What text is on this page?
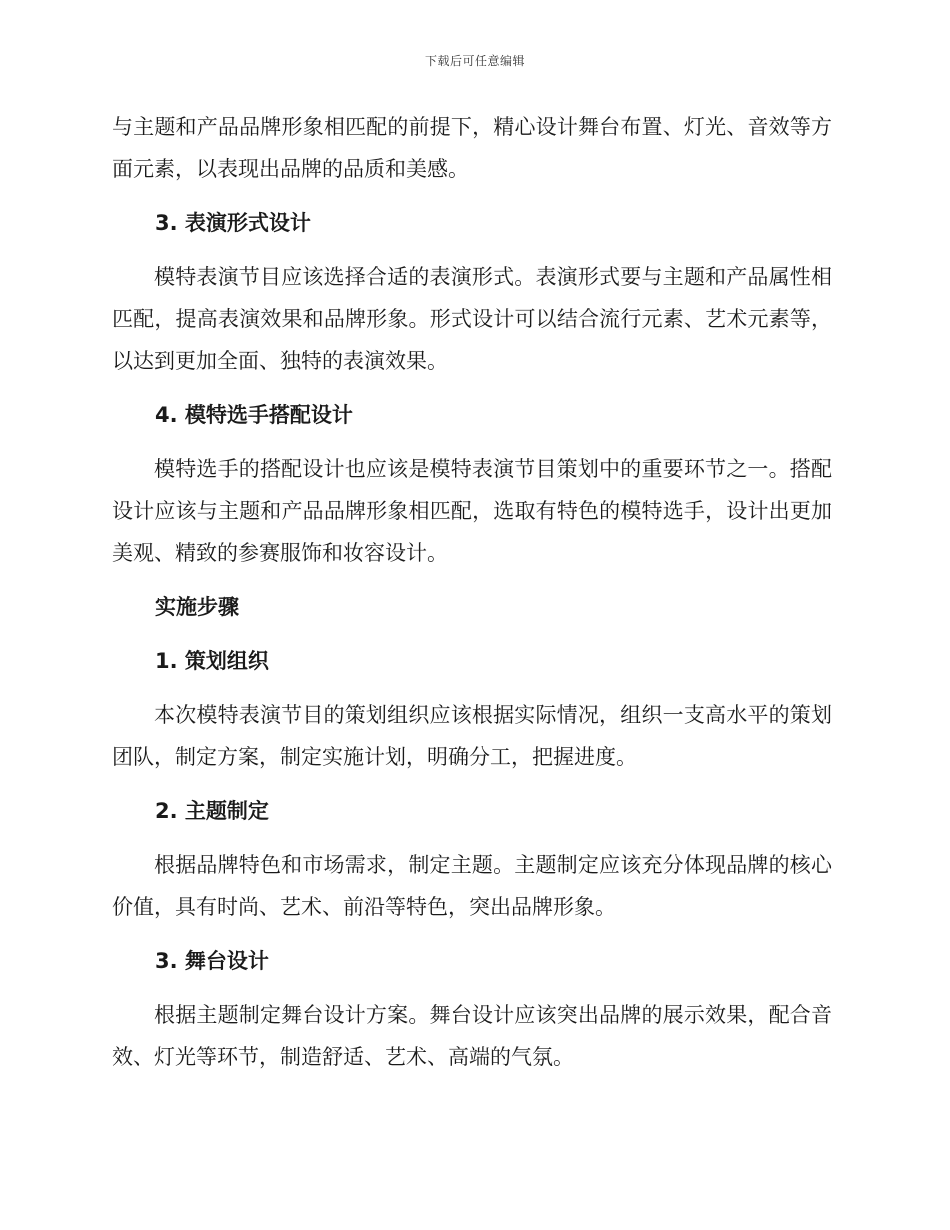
下载后可任意编辑

与主题和产品品牌形象相匹配的前提下，精心设计舞台布置、灯光、音效等方面元素，以表现出品牌的品质和美感。

3. 表演形式设计

模特表演节目应该选择合适的表演形式。表演形式要与主题和产品属性相匹配，提高表演效果和品牌形象。形式设计可以结合流行元素、艺术元素等，以达到更加全面、独特的表演效果。

4. 模特选手搭配设计

模特选手的搭配设计也应该是模特表演节目策划中的重要环节之一。搭配设计应该与主题和产品品牌形象相匹配，选取有特色的模特选手，设计出更加美观、精致的参赛服饰和妆容设计。

实施步骤

1. 策划组织

本次模特表演节目的策划组织应该根据实际情况，组织一支高水平的策划团队，制定方案，制定实施计划，明确分工，把握进度。

2. 主题制定

根据品牌特色和市场需求，制定主题。主题制定应该充分体现品牌的核心价值，具有时尚、艺术、前沿等特色，突出品牌形象。

3. 舞台设计

根据主题制定舞台设计方案。舞台设计应该突出品牌的展示效果，配合音效、灯光等环节，制造舒适、艺术、高端的气氛。
